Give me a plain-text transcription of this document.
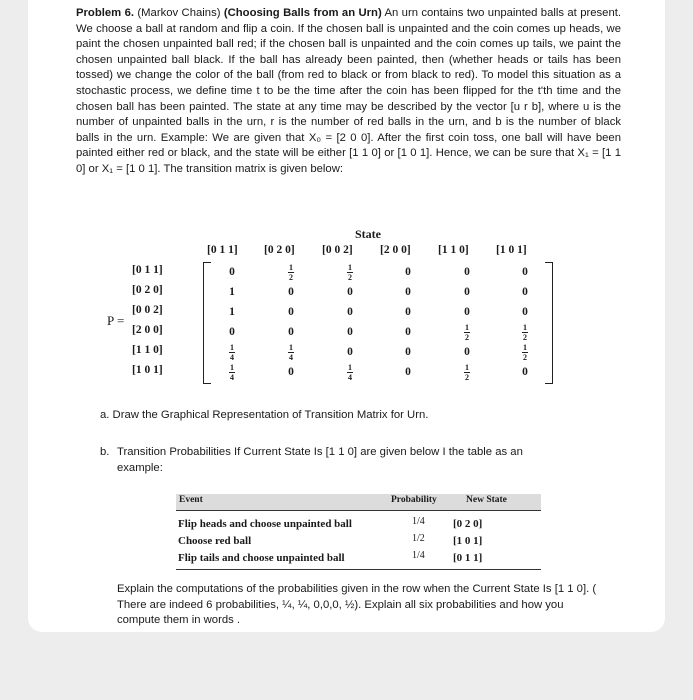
Problem 6. (Markov Chains) (Choosing Balls from an Urn) An urn contains two unpainted balls at present. We choose a ball at random and flip a coin. If the chosen ball is unpainted and the coin comes up heads, we paint the chosen unpainted ball red; if the chosen ball is unpainted and the coin comes up tails, we paint the chosen unpainted ball black. If the ball has already been painted, then (whether heads or tails has been tossed) we change the color of the ball (from red to black or from black to red). To model this situation as a stochastic process, we define time t to be the time after the coin has been flipped for the t'th time and the chosen ball has been painted. The state at any time may be described by the vector [u r b], where u is the number of unpainted balls in the urn, r is the number of red balls in the urn, and b is the number of black balls in the urn. Example: We are given that X₀ = [2 0 0]. After the first coin toss, one ball will have been painted either red or black, and the state will be either [1 1 0] or [1 0 1]. Hence, we can be sure that X₁ = [1 1 0] or X₁ = [1 0 1]. The transition matrix is given below:

State
[0 1 1] [0 2 0] [0 0 2] [2 0 0] [1 1 0] [1 0 1]
[0 1 1]
[0 2 0]
[0 0 2]
[2 0 0]
[1 1 0]
[1 0 1]
P =
0	$\frac{1}{2}$	$\frac{1}{2}$	0	0	0
1	0	0	0	0	0
1	0	0	0	0	0
0	0	0	0	$\frac{1}{2}$	$\frac{1}{2}$
$\frac{1}{4}$	$\frac{1}{4}$	0	0	0	$\frac{1}{2}$
$\frac{1}{4}$	0	$\frac{1}{4}$	0	$\frac{1}{2}$	0
a. Draw the Graphical Representation of Transition Matrix for Urn.
b. Transition Probabilities If Current State Is [1 1 0] are given below I the table as an example:
Event	Probability	New State
Flip heads and choose unpainted ball	1/4	[0 2 0]
Choose red ball	1/2	[1 0 1]
Flip tails and choose unpainted ball	1/4	[0 1 1]

Explain the computations of the probabilities given in the row when the Current State Is [1 1 0]. ( There are indeed 6 probabilities, ¼, ¼, 0,0,0, ½). Explain all six probabilities and how you compute them in words .
